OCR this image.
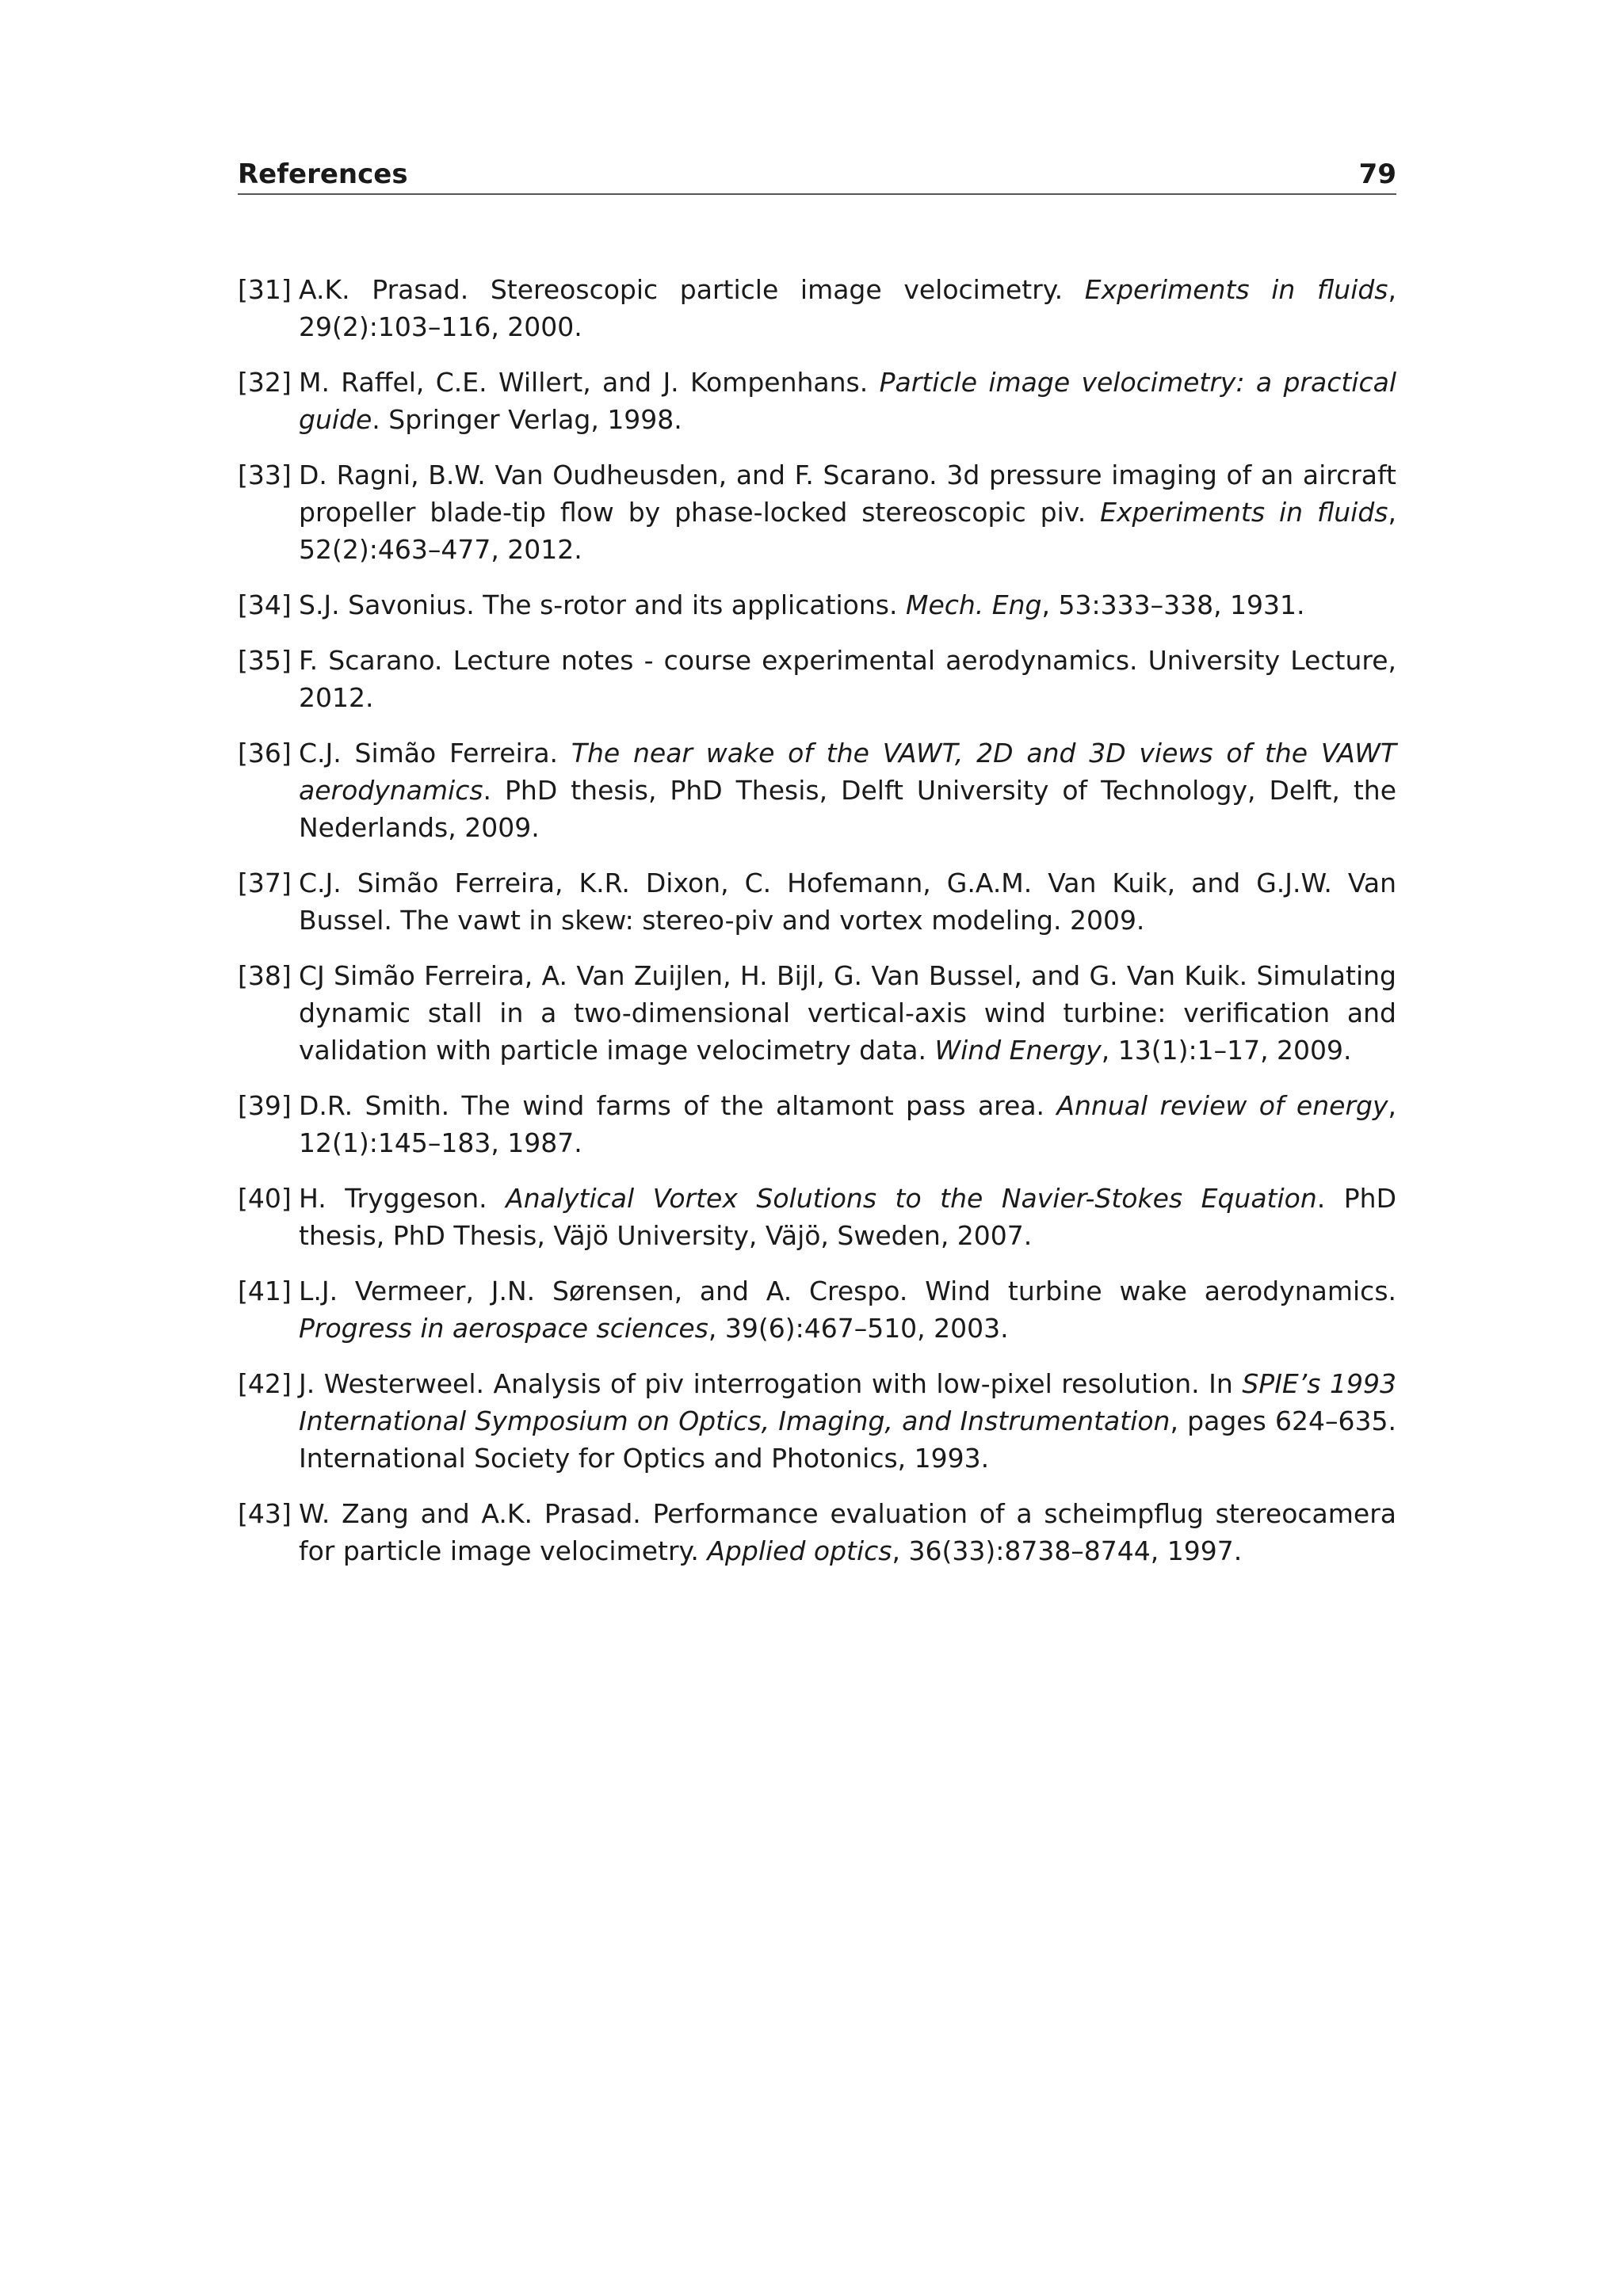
References	79
[31] A.K. Prasad. Stereoscopic particle image velocimetry. Experiments in fluids, 29(2):103–116, 2000.
[32] M. Raffel, C.E. Willert, and J. Kompenhans. Particle image velocimetry: a practical guide. Springer Verlag, 1998.
[33] D. Ragni, B.W. Van Oudheusden, and F. Scarano. 3d pressure imaging of an aircraft propeller blade-tip flow by phase-locked stereoscopic piv. Experiments in fluids, 52(2):463–477, 2012.
[34] S.J. Savonius. The s-rotor and its applications. Mech. Eng, 53:333–338, 1931.
[35] F. Scarano. Lecture notes - course experimental aerodynamics. University Lecture, 2012.
[36] C.J. Simão Ferreira. The near wake of the VAWT, 2D and 3D views of the VAWT aerodynamics. PhD thesis, PhD Thesis, Delft University of Technology, Delft, the Nederlands, 2009.
[37] C.J. Simão Ferreira, K.R. Dixon, C. Hofemann, G.A.M. Van Kuik, and G.J.W. Van Bussel. The vawt in skew: stereo-piv and vortex modeling. 2009.
[38] CJ Simão Ferreira, A. Van Zuijlen, H. Bijl, G. Van Bussel, and G. Van Kuik. Simulating dynamic stall in a two-dimensional vertical-axis wind turbine: verification and validation with particle image velocimetry data. Wind Energy, 13(1):1–17, 2009.
[39] D.R. Smith. The wind farms of the altamont pass area. Annual review of energy, 12(1):145–183, 1987.
[40] H. Tryggeson. Analytical Vortex Solutions to the Navier-Stokes Equation. PhD thesis, PhD Thesis, Väjö University, Väjö, Sweden, 2007.
[41] L.J. Vermeer, J.N. Sørensen, and A. Crespo. Wind turbine wake aerodynamics. Progress in aerospace sciences, 39(6):467–510, 2003.
[42] J. Westerweel. Analysis of piv interrogation with low-pixel resolution. In SPIE’s 1993 International Symposium on Optics, Imaging, and Instrumentation, pages 624–635. International Society for Optics and Photonics, 1993.
[43] W. Zang and A.K. Prasad. Performance evaluation of a scheimpflug stereocamera for particle image velocimetry. Applied optics, 36(33):8738–8744, 1997.
